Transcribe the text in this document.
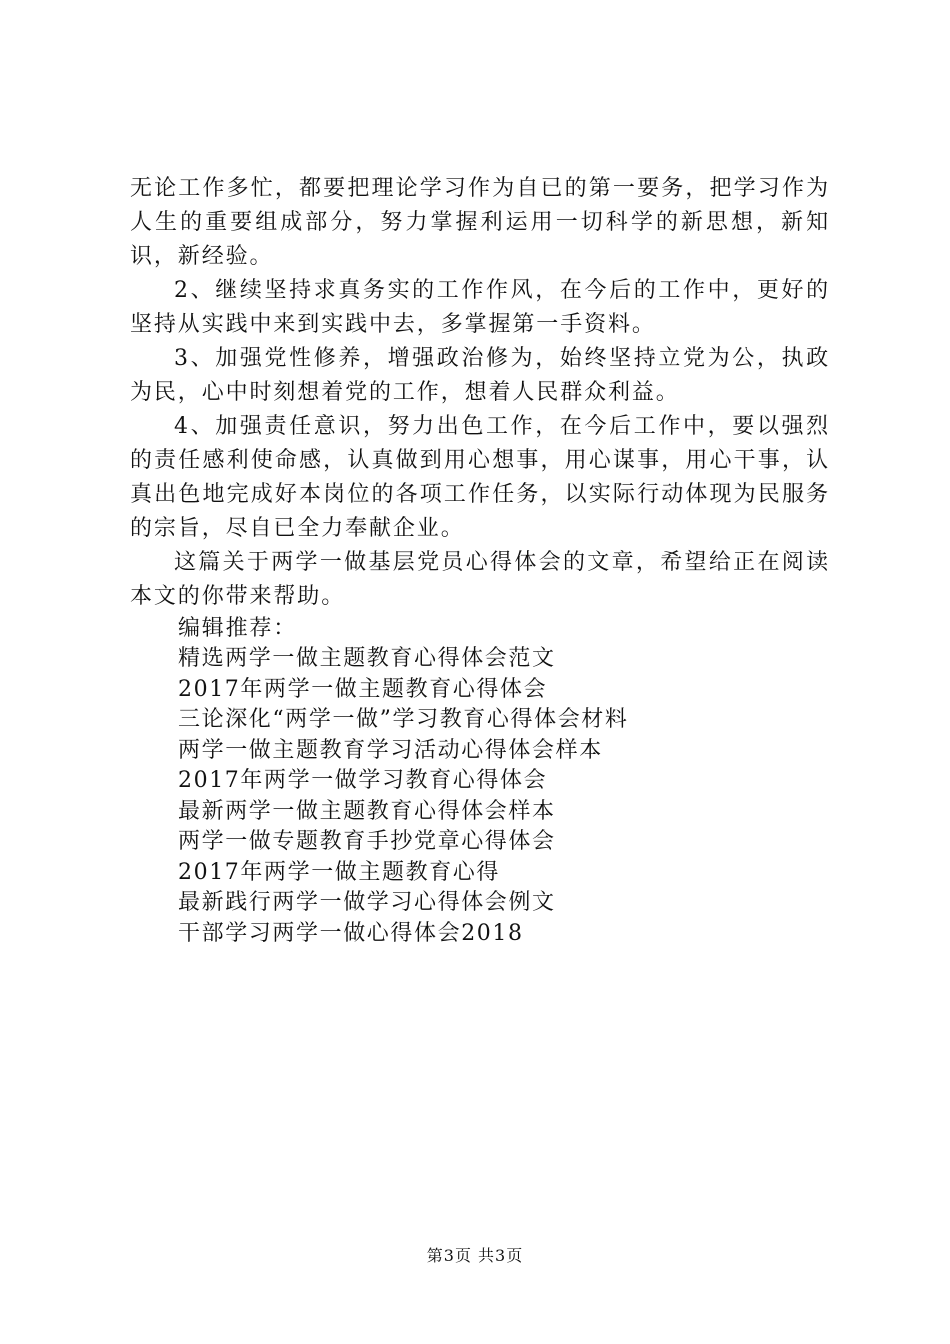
无论工作多忙，都要把理论学习作为自已的第一要务，把学习作为人生的重要组成部分，努力掌握利运用一切科学的新思想，新知识，新经验。

2、继续坚持求真务实的工作作风，在今后的工作中，更好的坚持从实践中来到实践中去，多掌握第一手资料。

3、加强党性修养，增强政治修为，始终坚持立党为公，执政为民，心中时刻想着党的工作，想着人民群众利益。

4、加强责任意识，努力出色工作，在今后工作中，要以强烈的责任感利使命感，认真做到用心想事，用心谋事，用心干事，认真出色地完成好本岗位的各项工作任务，以实际行动体现为民服务的宗旨，尽自已全力奉献企业。

这篇关于两学一做基层党员心得体会的文章，希望给正在阅读本文的你带来帮助。

编辑推荐：

精选两学一做主题教育心得体会范文
2017年两学一做主题教育心得体会
三论深化“两学一做”学习教育心得体会材料
两学一做主题教育学习活动心得体会样本
2017年两学一做学习教育心得体会
最新两学一做主题教育心得体会样本
两学一做专题教育手抄党章心得体会
2017年两学一做主题教育心得
最新践行两学一做学习心得体会例文
干部学习两学一做心得体会2018
第3页 共3页
